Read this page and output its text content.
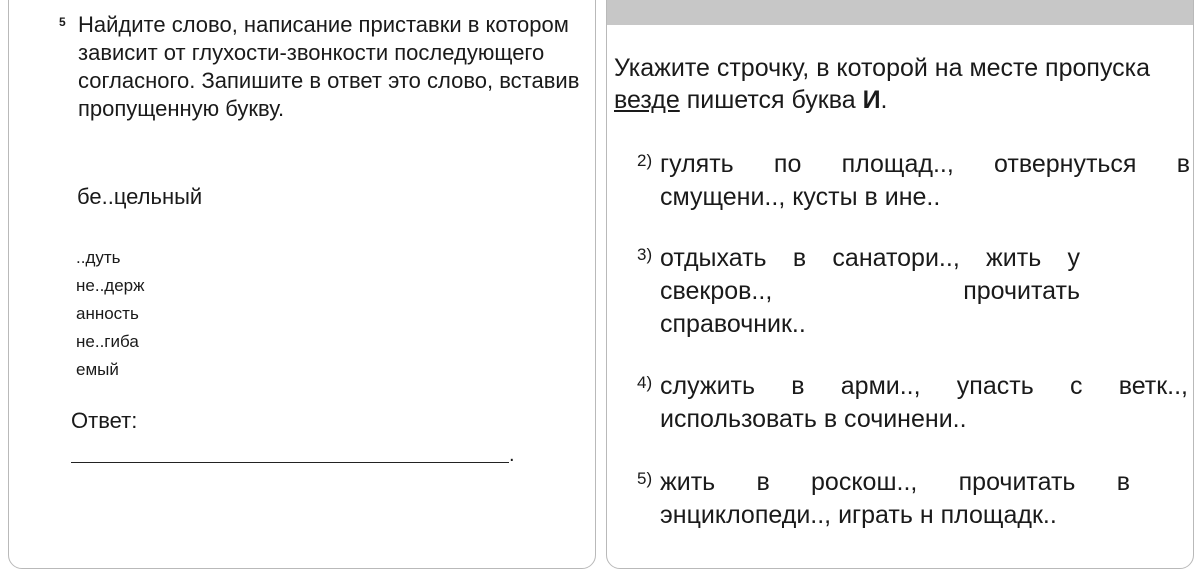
5 Найдите слово, написание приставки в котором зависит от глухости-звонкости последующего согласного. Запишите в ответ это слово, вставив пропущенную букву.
бе..цельный
..дуть
не..держ
анность
не..гиба
емый
Ответ:
.
Укажите строчку, в которой на месте пропуска везде пишется буква И.
2) гулять по площад.., отвернуться в
смущени.., кусты в ине..
3) отдыхать в санатори.., жить у
свекров.., прочитать
справочник..
4) служить в арми.., упасть с ветк..,
использовать в сочинени..
5) жить в роскош.., прочитать в
энциклопеди.., играть н площадк..
